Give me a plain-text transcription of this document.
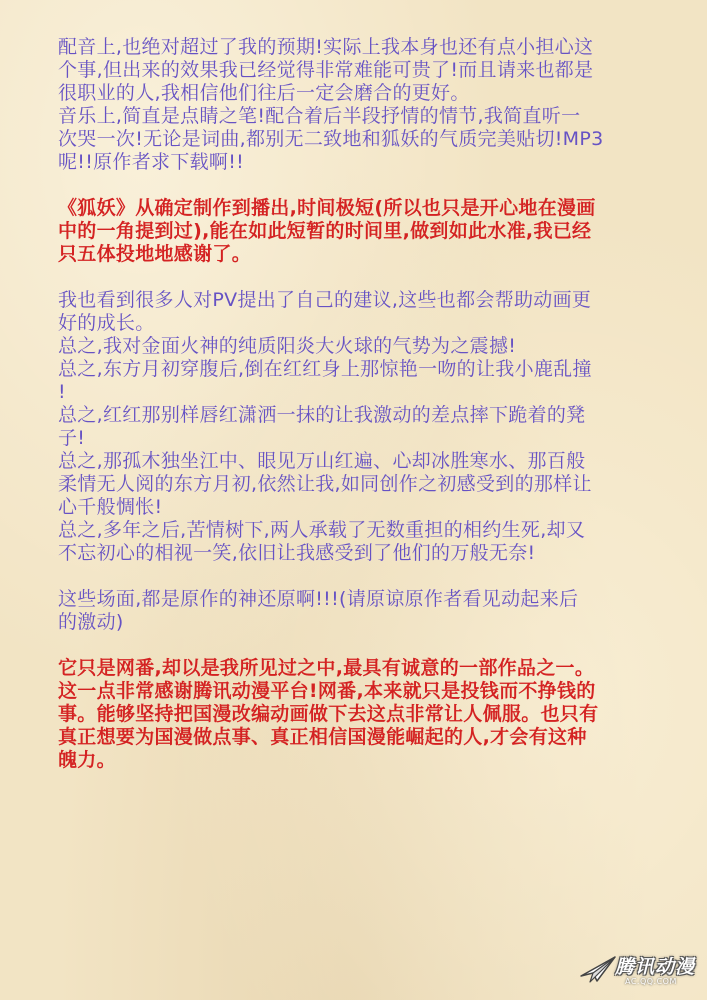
配音上,也绝对超过了我的预期!实际上我本身也还有点小担心这
个事,但出来的效果我已经觉得非常难能可贵了!而且请来也都是
很职业的人,我相信他们往后一定会磨合的更好。
音乐上,简直是点睛之笔!配合着后半段抒情的情节,我简直听一
次哭一次!无论是词曲,都别无二致地和狐妖的气质完美贴切!MP3
呢!!原作者求下载啊!!
《狐妖》从确定制作到播出,时间极短(所以也只是开心地在漫画
中的一角提到过),能在如此短暂的时间里,做到如此水准,我已经
只五体投地地感谢了。
我也看到很多人对PV提出了自己的建议,这些也都会帮助动画更
好的成长。
总之,我对金面火神的纯质阳炎大火球的气势为之震撼!
总之,东方月初穿腹后,倒在红红身上那惊艳一吻的让我小鹿乱撞
!
总之,红红那别样唇红潇洒一抹的让我激动的差点摔下跪着的凳
子!
总之,那孤木独坐江中、眼见万山红遍、心却冰胜寒水、那百般
柔情无人阅的东方月初,依然让我,如同创作之初感受到的那样让
心千般惆怅!
总之,多年之后,苦情树下,两人承载了无数重担的相约生死,却又
不忘初心的相视一笑,依旧让我感受到了他们的万般无奈!
这些场面,都是原作的神还原啊!!!(请原谅原作者看见动起来后
的激动)
它只是网番,却以是我所见过之中,最具有诚意的一部作品之一。
这一点非常感谢腾讯动漫平台!网番,本来就只是投钱而不挣钱的
事。能够坚持把国漫改编动画做下去这点非常让人佩服。也只有
真正想要为国漫做点事、真正相信国漫能崛起的人,才会有这种
魄力。
腾讯动漫
AC.QQ.COM
